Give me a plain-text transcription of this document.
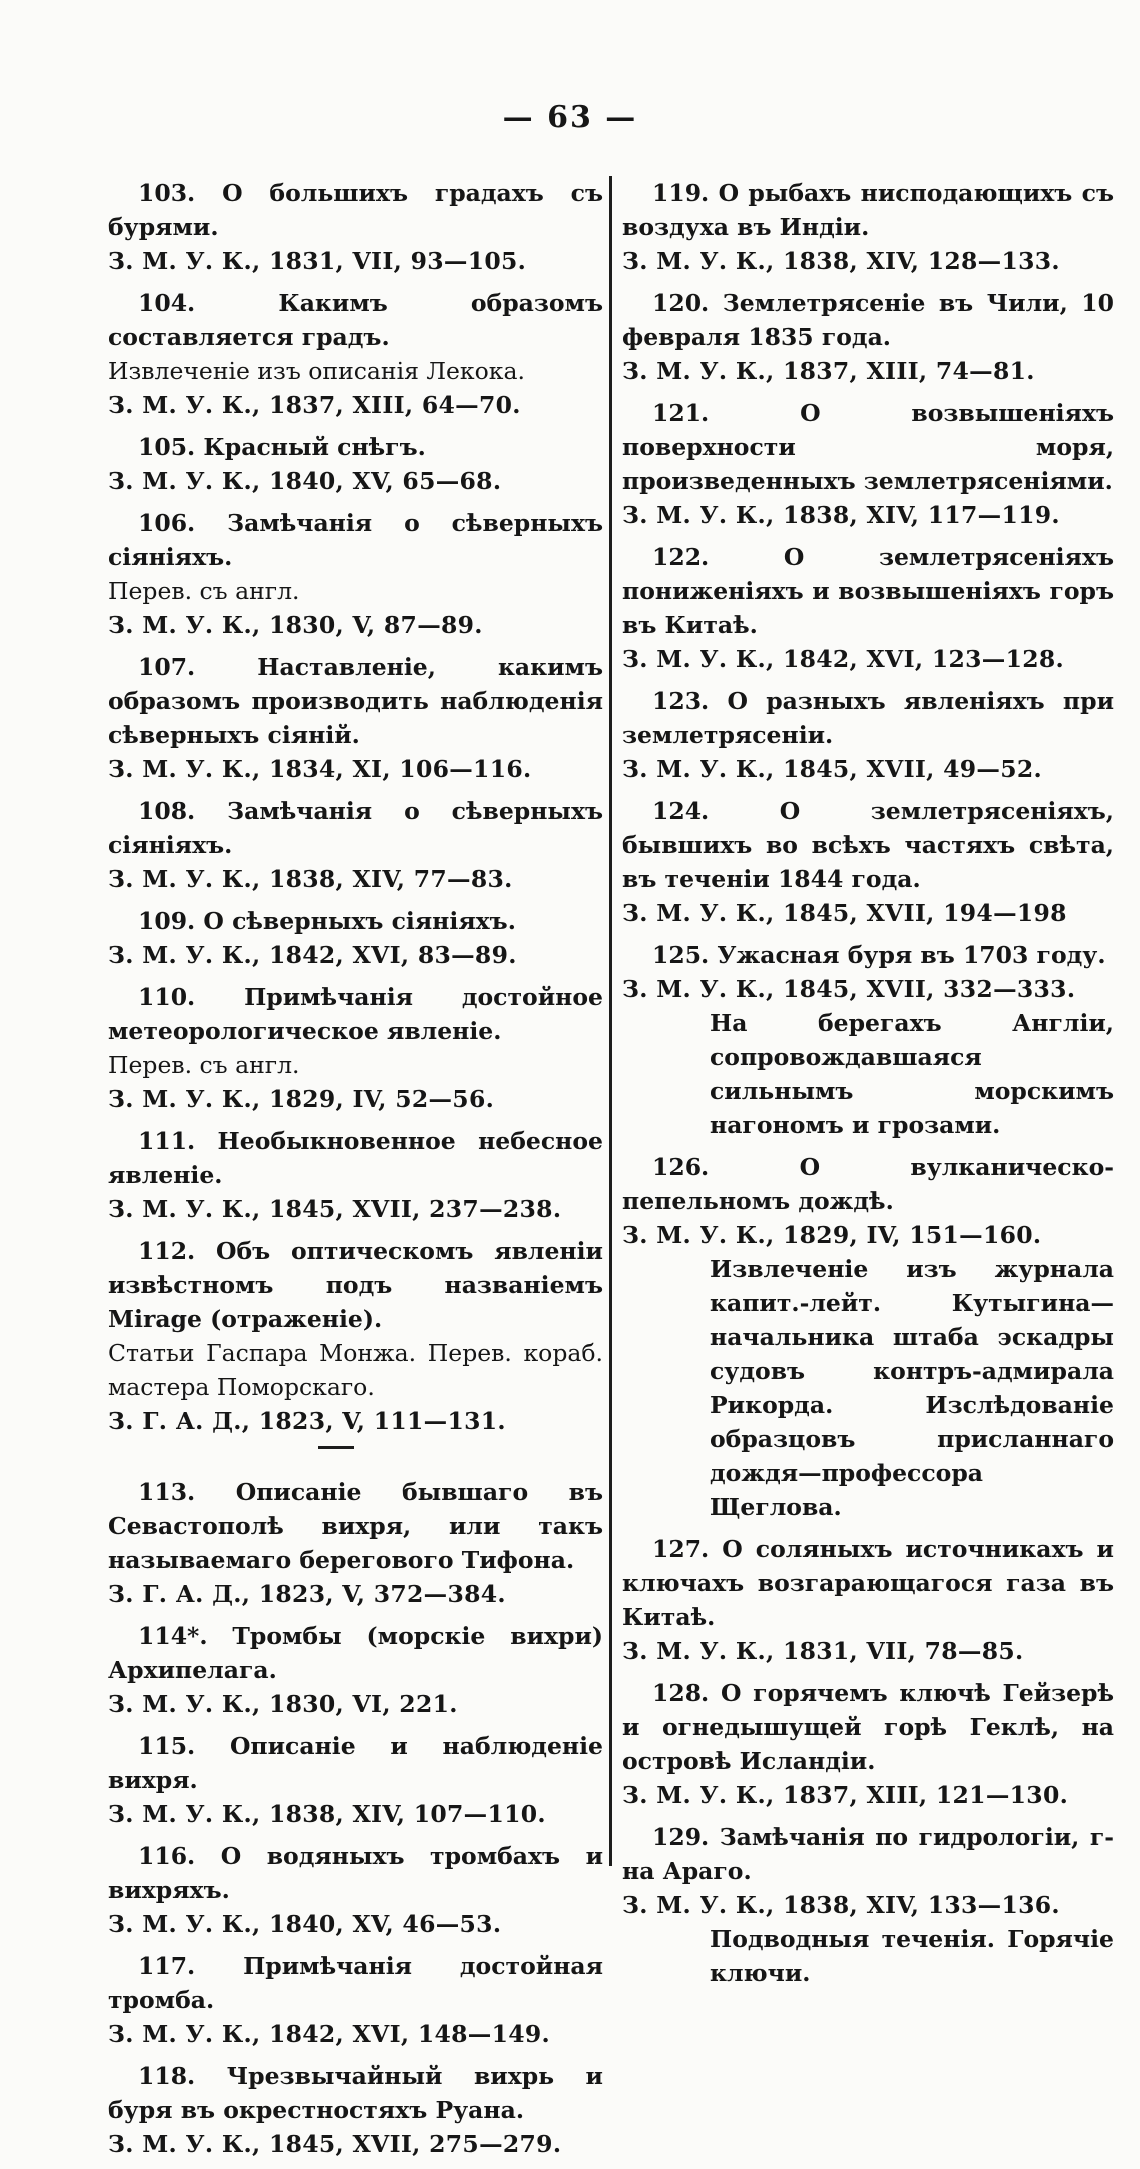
— 63 —
103. О большихъ градахъ съ бурями.
З. М. У. К., 1831, VII, 93—105.
104. Какимъ образомъ составляется градъ.
Извлеченіе изъ описанія Лекока.
З. М. У. К., 1837, XIII, 64—70.
105. Красный снѣгъ.
З. М. У. К., 1840, XV, 65—68.
106. Замѣчанія о сѣверныхъ сіяніяхъ.
Перев. съ англ.
З. М. У. К., 1830, V, 87—89.
107. Наставленіе, какимъ образомъ производить наблюденія сѣверныхъ сіяній.
З. М. У. К., 1834, XI, 106—116.
108. Замѣчанія о сѣверныхъ сіяніяхъ.
З. М. У. К., 1838, XIV, 77—83.
109. О сѣверныхъ сіяніяхъ.
З. М. У. К., 1842, XVI, 83—89.
110. Примѣчанія достойное метеорологическое явленіе.
Перев. съ англ.
З. М. У. К., 1829, IV, 52—56.
111. Необыкновенное небесное явленіе.
З. М. У. К., 1845, XVII, 237—238.
112. Объ оптическомъ явленіи извѣстномъ подъ названіемъ Mirage (отраженіе).
Статьи Гаспара Монжа. Перев. кораб. мастера Поморскаго.
З. Г. А. Д., 1823, V, 111—131.
113. Описаніе бывшаго въ Севастополѣ вихря, или такъ называемаго берегового Тифона.
З. Г. А. Д., 1823, V, 372—384.
114*. Тромбы (морскіе вихри) Архипелага.
З. М. У. К., 1830, VI, 221.
115. Описаніе и наблюденіе вихря.
З. М. У. К., 1838, XIV, 107—110.
116. О водяныхъ тромбахъ и вихряхъ.
З. М. У. К., 1840, XV, 46—53.
117. Примѣчанія достойная тромба.
З. М. У. К., 1842, XVI, 148—149.
118. Чрезвычайный вихрь и буря въ окрестностяхъ Руана.
З. М. У. К., 1845, XVII, 275—279.
119. О рыбахъ нисподающихъ съ воздуха въ Индіи.
З. М. У. К., 1838, XIV, 128—133.
120. Землетрясеніе въ Чили, 10 февраля 1835 года.
З. М. У. К., 1837, XIII, 74—81.
121. О возвышеніяхъ поверхности моря, произведенныхъ землетрясеніями.
З. М. У. К., 1838, XIV, 117—119.
122. О землетрясеніяхъ пониженіяхъ и возвышеніяхъ горъ въ Китаѣ.
З. М. У. К., 1842, XVI, 123—128.
123. О разныхъ явленіяхъ при землетрясеніи.
З. М. У. К., 1845, XVII, 49—52.
124. О землетрясеніяхъ, бывшихъ во всѣхъ частяхъ свѣта, въ теченіи 1844 года.
З. М. У. К., 1845, XVII, 194—198
125. Ужасная буря въ 1703 году.
З. М. У. К., 1845, XVII, 332—333.
На берегахъ Англіи, сопровождавшаяся сильнымъ морскимъ нагономъ и грозами.
126. О вулканическо-пепельномъ дождѣ.
З. М. У. К., 1829, IV, 151—160.
Извлеченіе изъ журнала капит.-лейт. Кутыгина—начальника штаба эскадры судовъ контръ-адмирала Рикорда. Изслѣдованіе образцовъ присланнаго дождя—профессора Щеглова.
127. О соляныхъ источникахъ и ключахъ возгарающагося газа въ Китаѣ.
З. М. У. К., 1831, VII, 78—85.
128. О горячемъ ключѣ Гейзерѣ и огнедышущей горѣ Геклѣ, на островѣ Исландіи.
З. М. У. К., 1837, XIII, 121—130.
129. Замѣчанія по гидрологіи, г-на Араго.
З. М. У. К., 1838, XIV, 133—136.
Подводныя теченія. Горячіе ключи.
